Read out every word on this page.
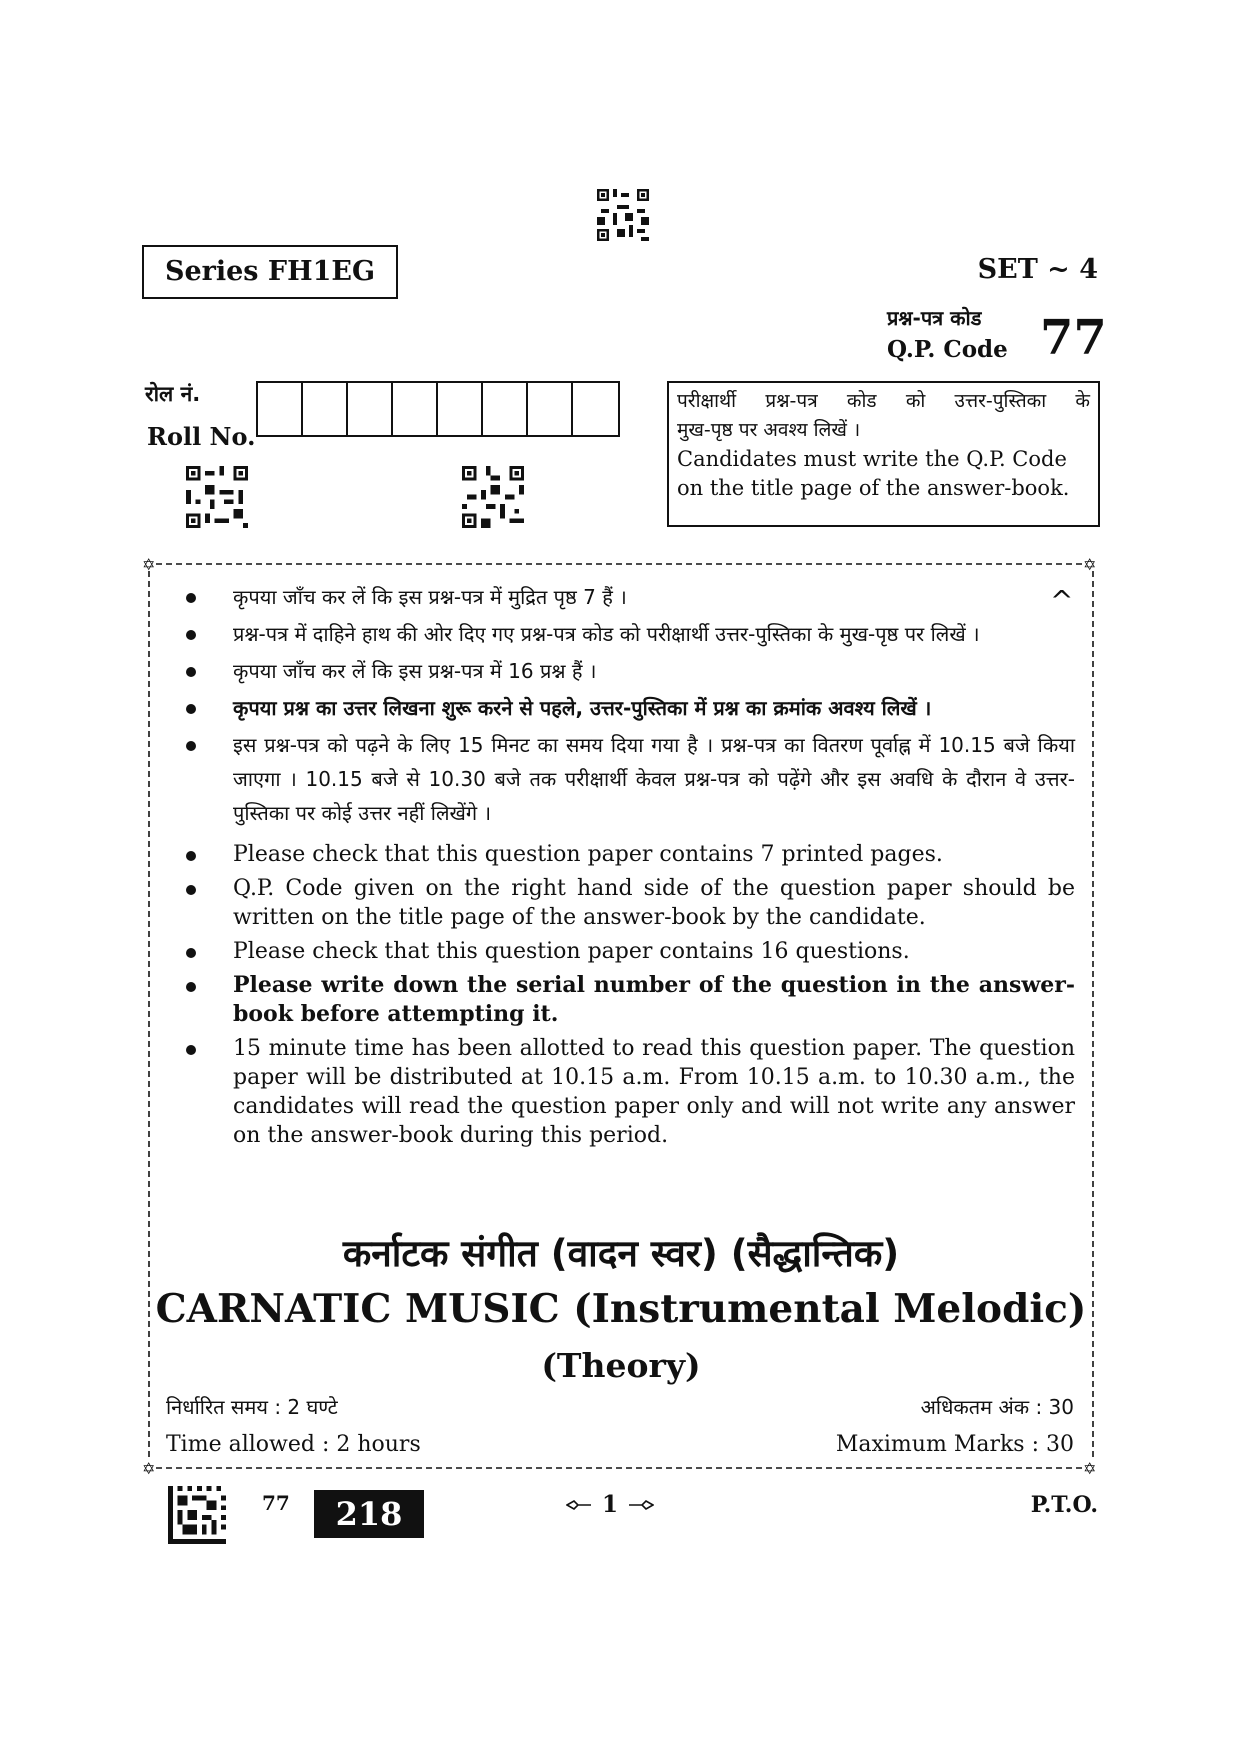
Series FH1EG	SET ~ 4
प्रश्न-पत्र कोड
Q.P. Code 77
रोल नं.
Roll No.
परीक्षार्थी प्रश्न-पत्र कोड को उत्तर-पुस्तिका के
मुख-पृष्ठ पर अवश्य लिखें ।
Candidates must write the Q.P. Code on the title page of the answer-book.
✡	✡
✡	✡
^
कृपया जाँच कर लें कि इस प्रश्न-पत्र में मुद्रित पृष्ठ 7 हैं ।
प्रश्न-पत्र में दाहिने हाथ की ओर दिए गए प्रश्न-पत्र कोड को परीक्षार्थी उत्तर-पुस्तिका के मुख-पृष्ठ पर लिखें ।
कृपया जाँच कर लें कि इस प्रश्न-पत्र में 16 प्रश्न हैं ।
कृपया प्रश्न का उत्तर लिखना शुरू करने से पहले, उत्तर-पुस्तिका में प्रश्न का क्रमांक अवश्य लिखें ।
इस प्रश्न-पत्र को पढ़ने के लिए 15 मिनट का समय दिया गया है । प्रश्न-पत्र का वितरण पूर्वाह्न में 10.15 बजे किया जाएगा । 10.15 बजे से 10.30 बजे तक परीक्षार्थी केवल प्रश्न-पत्र को पढ़ेंगे और इस अवधि के दौरान वे उत्तर-पुस्तिका पर कोई उत्तर नहीं लिखेंगे ।
Please check that this question paper contains 7 printed pages.
Q.P. Code given on the right hand side of the question paper should be written on the title page of the answer-book by the candidate.
Please check that this question paper contains 16 questions.
Please write down the serial number of the question in the answer-book before attempting it.
15 minute time has been allotted to read this question paper. The question paper will be distributed at 10.15 a.m. From 10.15 a.m. to 10.30 a.m., the candidates will read the question paper only and will not write any answer on the answer-book during this period.
कर्नाटक संगीत (वादन स्वर) (सैद्धान्तिक)
CARNATIC MUSIC (Instrumental Melodic)
(Theory)
निर्धारित समय : 2 घण्टे
Time allowed : 2 hours
अधिकतम अंक : 30
Maximum Marks : 30
77	218	1	P.T.O.
